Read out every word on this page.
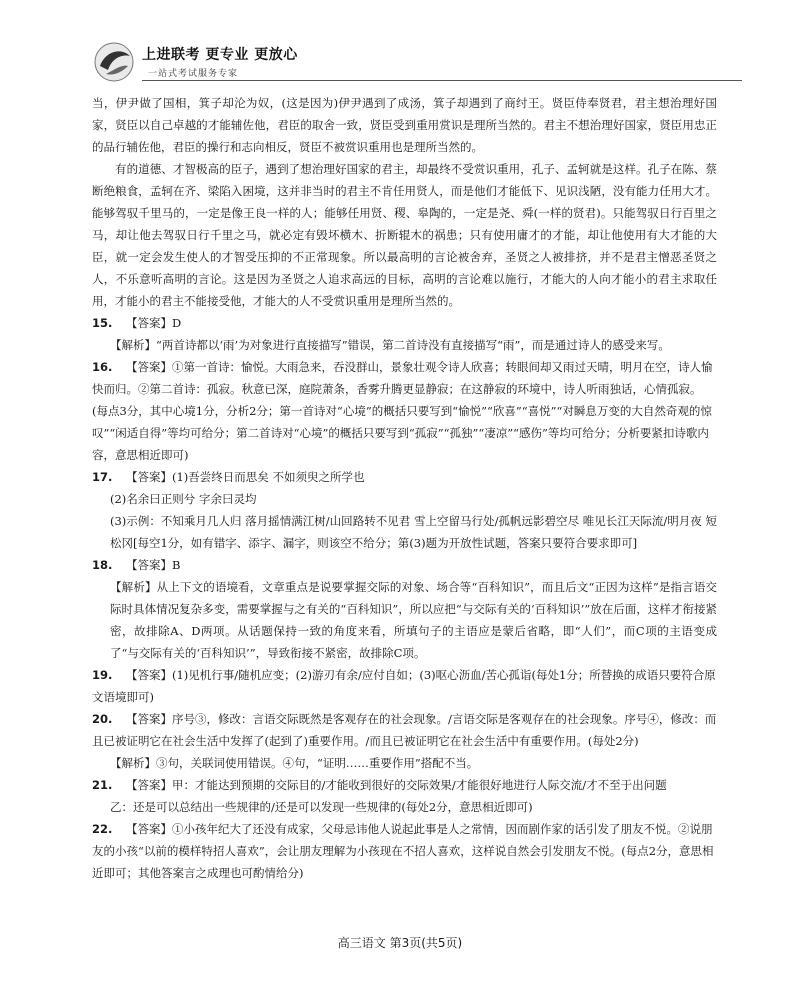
上进联考 更专业 更放心
一站式考试服务专家

当，伊尹做了国相，箕子却沦为奴，(这是因为)伊尹遇到了成汤，箕子却遇到了商纣王。贤臣侍奉贤君，君主想治理好国家，贤臣以自己卓越的才能辅佐他，君臣的取舍一致，贤臣受到重用赏识是理所当然的。君主不想治理好国家，贤臣用忠正的品行辅佐他，君臣的操行和志向相反，贤臣不被赏识重用也是理所当然的。

有的道德、才智极高的臣子，遇到了想治理好国家的君主，却最终不受赏识重用，孔子、孟轲就是这样。孔子在陈、蔡断绝粮食，孟轲在齐、梁陷入困境，这并非当时的君主不肯任用贤人，而是他们才能低下、见识浅陋，没有能力任用大才。能够驾驭千里马的，一定是像王良一样的人；能够任用贤、稷、皋陶的，一定是尧、舜(一样的贤君)。只能驾驭日行百里之马，却让他去驾驭日行千里之马，就必定有毁坏横木、折断辊木的祸患；只有使用庸才的才能，却让他使用有大才能的大臣，就一定会发生使人的才智受压抑的不正常现象。所以最高明的言论被舍弃，圣贤之人被排挤，并不是君主憎恶圣贤之人，不乐意听高明的言论。这是因为圣贤之人追求高远的目标，高明的言论难以施行，才能大的人向才能小的君主求取任用，才能小的君主不能接受他，才能大的人不受赏识重用是理所当然的。

15. 【答案】D

【解析】“两首诗都以‘雨’为对象进行直接描写”错误，第二首诗没有直接描写“雨”，而是通过诗人的感受来写。

16. 【答案】①第一首诗：愉悦。大雨急来，吞没群山，景象壮观令诗人欣喜；转眼间却又雨过天晴，明月在空，诗人愉快而归。②第二首诗：孤寂。秋意已深，庭院萧条，香雾升腾更显静寂；在这静寂的环境中，诗人听雨独话，心情孤寂。(每点3分，其中心境1分，分析2分；第一首诗对“心境”的概括只要写到“愉悦”“欣喜”“喜悦”“对瞬息万变的大自然奇观的惊叹”“闲适自得”等均可给分；第二首诗对“心境”的概括只要写到“孤寂”“孤独”“凄凉”“感伤”等均可给分；分析要紧扣诗歌内容，意思相近即可)

17. 【答案】(1)吾尝终日而思矣 不如须臾之所学也

(2)名余曰正则兮 字余曰灵均

(3)示例：不知乘月几人归 落月摇情满江树/山回路转不见君 雪上空留马行处/孤帆远影碧空尽 唯见长江天际流/明月夜 短松冈[每空1分，如有错字、添字、漏字，则该空不给分；第(3)题为开放性试题，答案只要符合要求即可]

18. 【答案】B

【解析】从上下文的语境看，文章重点是说要掌握交际的对象、场合等“百科知识”，而且后文“正因为这样”是指言语交际时具体情况复杂多变，需要掌握与之有关的“百科知识”，所以应把“与交际有关的‘百科知识’”放在后面，这样才衔接紧密，故排除A、D两项。从话题保持一致的角度来看，所填句子的主语应是蒙后省略，即“人们”，而C项的主语变成了“与交际有关的‘百科知识’”，导致衔接不紧密，故排除C项。

19. 【答案】(1)见机行事/随机应变；(2)游刃有余/应付自如；(3)呕心沥血/苦心孤诣(每处1分；所替换的成语只要符合原文语境即可)

20. 【答案】序号③，修改：言语交际既然是客观存在的社会现象。/言语交际是客观存在的社会现象。序号④，修改：而且已被证明它在社会生活中发挥了(起到了)重要作用。/而且已被证明它在社会生活中有重要作用。(每处2分)

【解析】③句，关联词使用错误。④句，“证明……重要作用”搭配不当。

21. 【答案】甲：才能达到预期的交际目的/才能收到很好的交际效果/才能很好地进行人际交流/才不至于出问题

乙：还是可以总结出一些规律的/还是可以发现一些规律的(每处2分，意思相近即可)

22. 【答案】①小孩年纪大了还没有成家，父母忌讳他人说起此事是人之常情，因而剧作家的话引发了朋友不悦。②说朋友的小孩“以前的模样特招人喜欢”，会让朋友理解为小孩现在不招人喜欢，这样说自然会引发朋友不悦。(每点2分，意思相近即可；其他答案言之成理也可酌情给分)

高三语文 第3页(共5页)
